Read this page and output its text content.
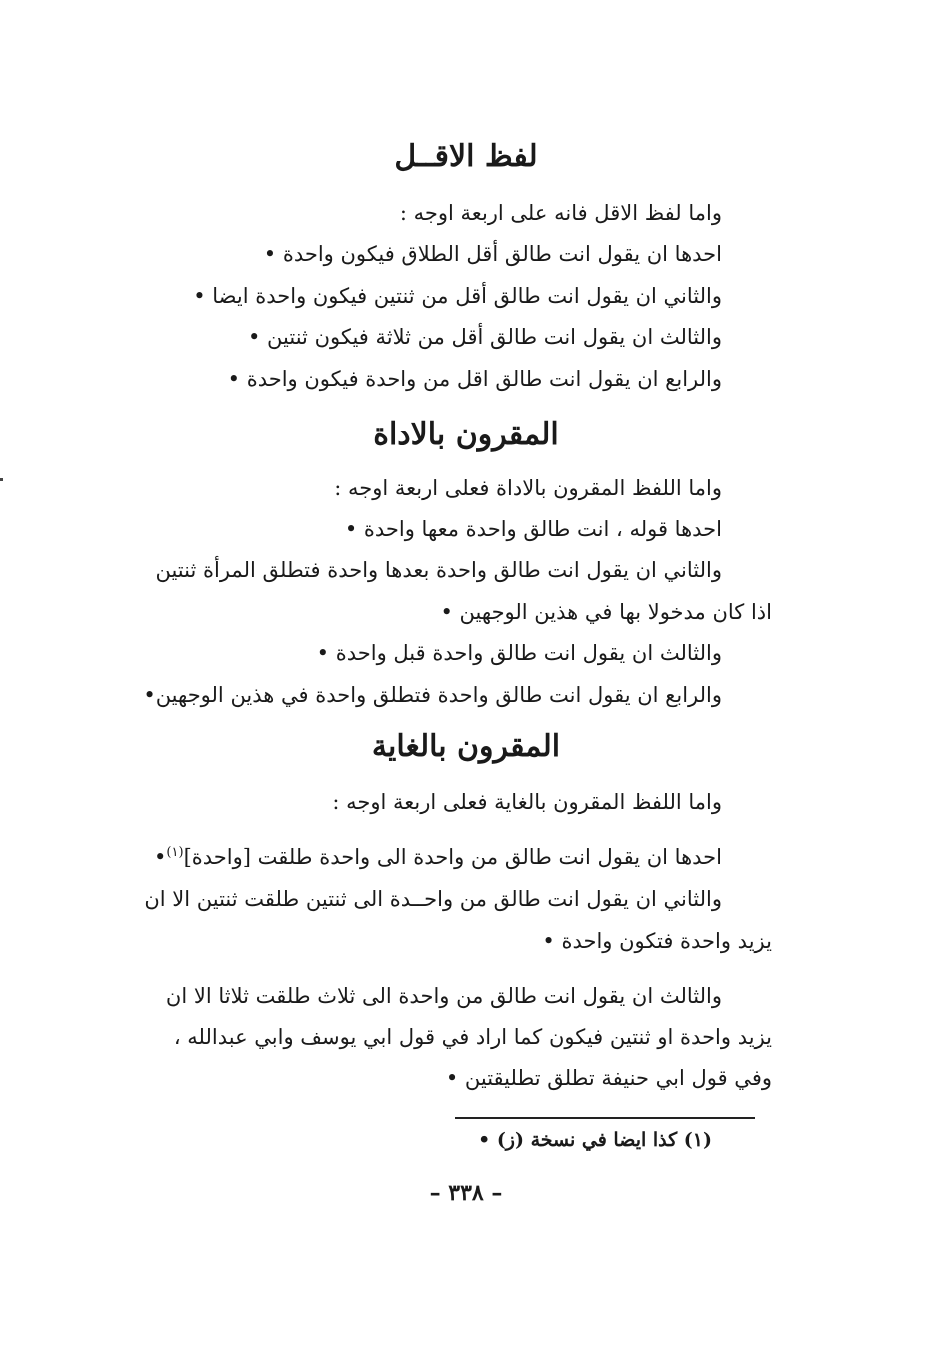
لفظ الاقــل
واما لفظ الاقل فانه على اربعة اوجه :
احدها ان يقول انت طالق أقل الطلاق فيكون واحدة •
والثاني ان يقول انت طالق أقل من ثنتين فيكون واحدة ايضا •
والثالث ان يقول انت طالق أقل من ثلاثة فيكون ثنتين •
والرابع ان يقول انت طالق اقل من واحدة فيكون واحدة •
المقرون بالاداة
واما اللفظ المقرون بالاداة فعلى اربعة اوجه :
احدها قوله ، انت طالق واحدة معها واحدة •
والثاني ان يقول انت طالق واحدة بعدها واحدة فتطلق المرأة ثنتين
اذا كان مدخولا بها في هذين الوجهين •
والثالث ان يقول انت طالق واحدة قبل واحدة •
والرابع ان يقول انت طالق واحدة فتطلق واحدة في هذين الوجهين•
المقرون بالغاية
واما اللفظ المقرون بالغاية فعلى اربعة اوجه :
احدها ان يقول انت طالق من واحدة الى واحدة طلقت [واحدة]$^{(١)}$•
والثاني ان يقول انت طالق من واحــدة الى ثنتين طلقت ثنتين الا ان
يزيد واحدة فتكون واحدة •
والثالث ان يقول انت طالق من واحدة الى ثلاث طلقت ثلاثا الا ان
يزيد واحدة او ثنتين فيكون كما اراد في قول ابي يوسف وابي عبدالله ،
وفي قول ابي حنيفة تطلق تطليقتين •
(١) كذا ايضا في نسخة (ز) •
– ٣٣٨ –
